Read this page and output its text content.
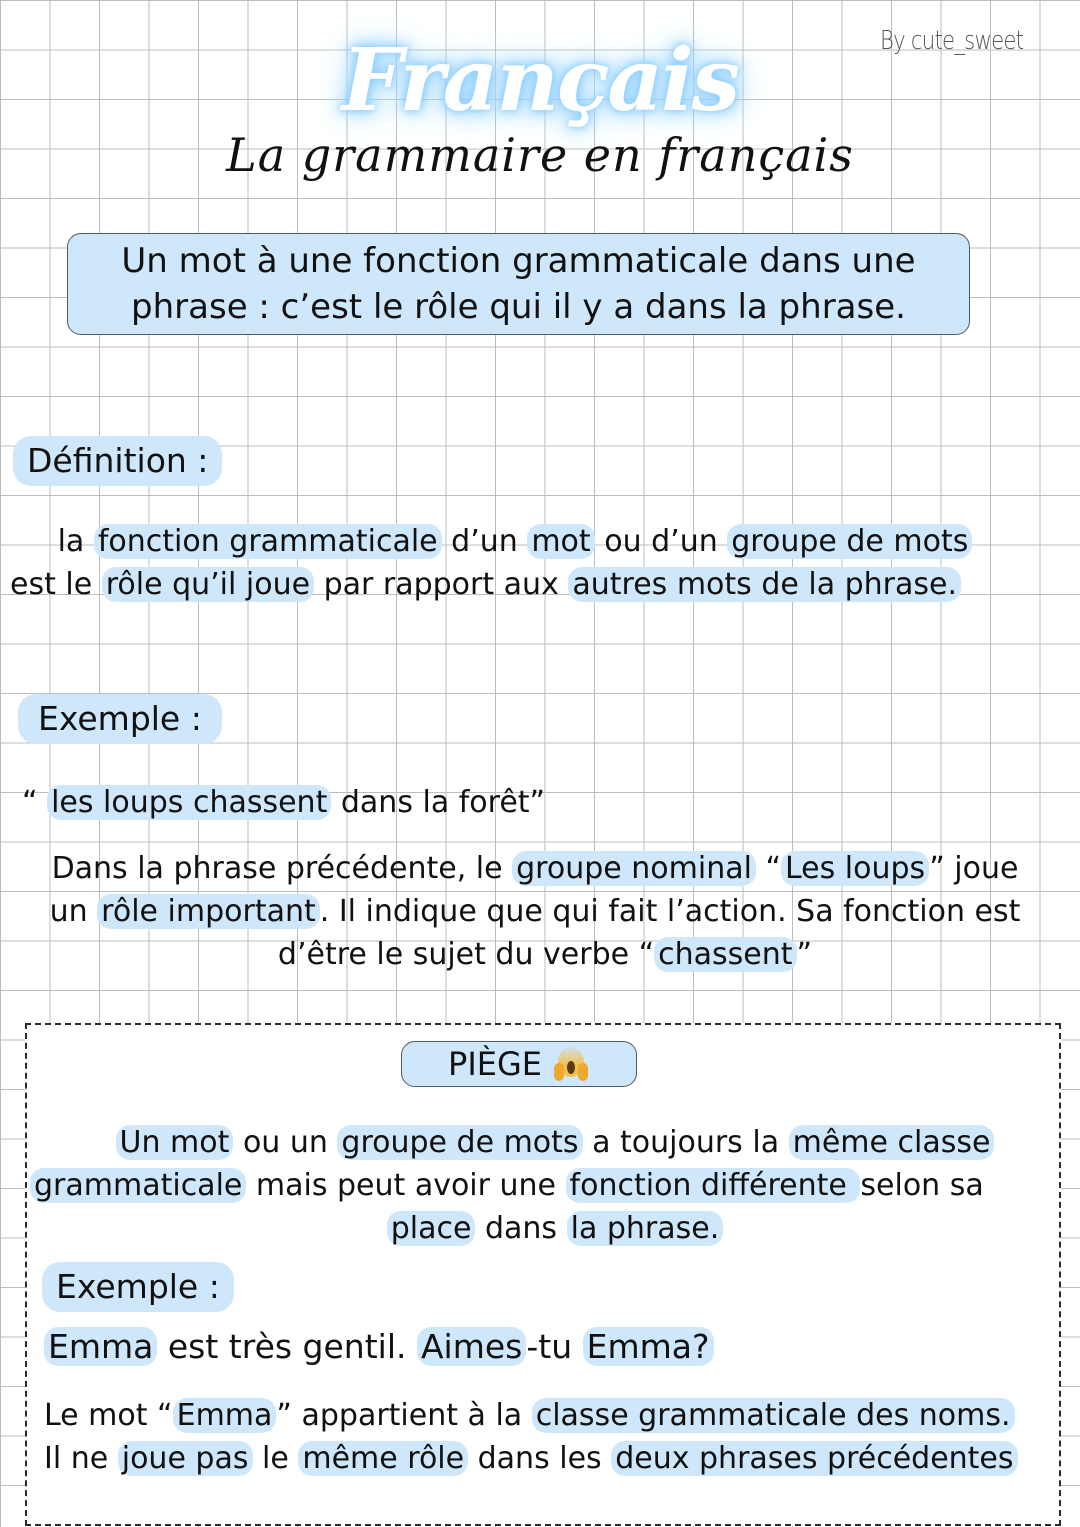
By cute_sweet
Français
La grammaire en français
Un mot à une fonction grammaticale dans une
phrase : c’est le rôle qui il y a dans la phrase.
Définition :
la fonction grammaticale d’un mot ou d’un groupe de mots
est le rôle qu’il joue par rapport aux autres mots de la phrase.
Exemple :
“ les loups chassent dans la forêt”
Dans la phrase précédente, le groupe nominal “ Les loups ” joue
un rôle important . Il indique que qui fait l’action. Sa fonction est
d’être le sujet du verbe “ chassent ”
PIÈGE
Un mot ou un groupe de mots a toujours la même classe
grammaticale mais peut avoir une fonction différente selon sa
place dans la phrase.
Exemple :
Emma est très gentil. Aimes -tu Emma?
Le mot “ Emma ” appartient à la classe grammaticale des noms.
Il ne joue pas le même rôle dans les deux phrases précédentes
